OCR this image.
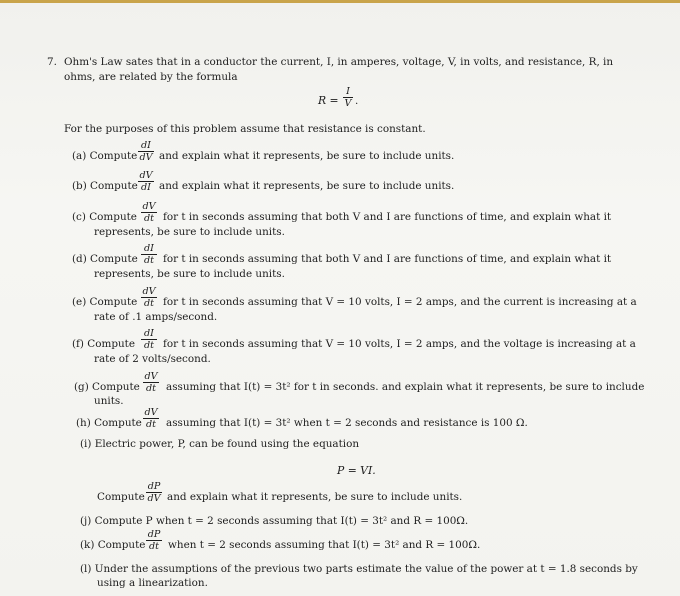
7. Ohm's Law sates that in a conductor the current, I, in amperes, voltage, V, in volts, and resistance, R, in
ohms, are related by the formula
$R = \frac{I}{V}$ .
For the purposes of this problem assume that resistance is constant.
(a) Compute $\frac{dI}{dV}$ and explain what it represents, be sure to include units.
(b) Compute $\frac{dV}{dI}$ and explain what it represents, be sure to include units.
(c) Compute $\frac{dV}{dt}$ for t in seconds assuming that both V and I are functions of time, and explain what it
represents, be sure to include units.
(d) Compute $\frac{dI}{dt}$ for t in seconds assuming that both V and I are functions of time, and explain what it
represents, be sure to include units.
(e) Compute $\frac{dV}{dt}$ for t in seconds assuming that V = 10 volts, I = 2 amps, and the current is increasing at a
rate of .1 amps/second.
(f) Compute $\frac{dI}{dt}$ for t in seconds assuming that V = 10 volts, I = 2 amps, and the voltage is increasing at a
rate of 2 volts/second.
(g) Compute $\frac{dV}{dt}$ assuming that I(t) = 3t² for t in seconds. and explain what it represents, be sure to include
units.
(h) Compute $\frac{dV}{dt}$ assuming that I(t) = 3t² when t = 2 seconds and resistance is 100 Ω.
(i) Electric power, P, can be found using the equation
P = VI.
Compute $\frac{dP}{dV}$ and explain what it represents, be sure to include units.
(j) Compute P when t = 2 seconds assuming that I(t) = 3t² and R = 100Ω.
(k) Compute $\frac{dP}{dt}$ when t = 2 seconds assuming that I(t) = 3t² and R = 100Ω.
(l) Under the assumptions of the previous two parts estimate the value of the power at t = 1.8 seconds by
using a linearization.
